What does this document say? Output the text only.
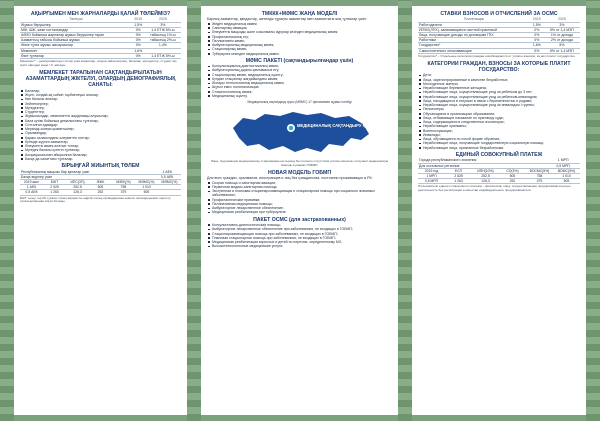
АҚЫРҒЫМЕН МЕН ЖАРНАЛАРДЫ ҚАЛАЙ ТӨЛЕЙМІЗ?

Төлеуші	2019	2025
Жұмыс берушілер	1,5%	3%
МЖ, ШЖ, жеке сотталғандар	0%	1,4 ЕТЖ 5%-ы
АӨЗО бойынша жарналар жұмыс берушілер тарап	0%	табыстың 1%-ы
Азаматтың табысы бойынша жұмыс	0%	табыстың 2%-ы
Жеке тұлға жұмыс жасаушылар	0%	1,4%
Мемлекет	1,6%	
Өзге тұлғалар	0%	1,4 ЕТЖ 5%-ы
Мемлекет* – демографиялық топтар үшін жарналар, оларға зейнеткерлер, балалар, мүгедектер, студенттер, жүкті әйелдер және т.б. жатады.

МЕМЛЕКЕТ ТАРАПЫНАН САҚТАНДЫРЫЛАТЫН АЗАМАТТАРДЫҢ ЖІКТЕЛУІ, ОЛАРДЫҢ ДЕМОГРАФИЯЛЫҚ САНАТЫ:

Балалар;
Жүкті, сондай-ақ сәбиін тәрбиелеуші аналар;
Көп балалы аналар;
Зейнеткерлер;
Мүгедектер;
Студенттер;
Жұмыссыздар, мемлекеттік жәрдемақы алушылар;
Бала күтімі бойынша демалыстағы тұлғалар;
Сотталған адамдар;
Мерзімді әскери қызметшілер;
Оралмандар;
Қаржы саласындағы әлеуметтік топтар;
Күтімде жүрген азаматтар;
Әлеуметтік көмек алатын топтар;
Мүгедек баланы күтетін тұлғалар;
Асыраушысынан айырылған балалар;
Басқа да санаттағы тұлғалар.

БІРЫҢҒАЙ ЖИЫНТЫҚ ТӨЛЕМ

Республикалық маңызы бар қалалар үшін	1 АЕК
Басқа өңірлер үшін	0,5 АЕК
2019 жыл	БЖТ	ИПС(ЗП)	ӘЖК	МЗБҚ(%)	МӘМС(%)	МӘМС(%)
1 АЕК	2 525	252,5	505	758	1 010
0,5 АЕК	1 263	126,3	252	379	505
БЖТ төлеу тәртібі туралы толық ақпаратты өңірлік салық органдарынан немесе халыққа қызмет көрсету орталықтарынан алуға болады.

ТМККК+МӘМС ЖАҢА МОДЕЛІ

Барлық азаматтар, қандастар, шетелдік тұрақты азаматтар мен азаматтығы жоқ тұлғалар үшін:
Жедел медициналық көмек;
Санитарлық авиация;
Әлеуметтік маңызды және созылмалы аурулар кезіндегі медициналық көмек;
Профилактикалық егу;
Паллиативтік көмек;
Амбулаториялық медициналық көмек;
Стационарлық көмек;
Туберкулез кезіндегі медициналық көмек.

МӘМС ПАКЕТІ (сақтандырылғандар үшін)

Консультациялық-диагностикалық көмек;
Амбулаториялық дәрілік қамтамасыз ету;
Стационарлық көмек, медициналық оңалту;
Күндізгі стационар жағдайындағы көмек;
Жоғары технологиялық медициналық көмек;
Шұғыл емес госпитализация;
Стоматологиялық көмек;
Медициналық оңалту.
Медициналық сақтандыру қоры (МӘМС) 17 филиалмен жұмыс істейді
МЕДИЦИНАЛЫҚ САҚТАНДЫРУ ҚОРЫ
Лица, подлежащие медицинскому страхованию на период без полного отсутствия уплаты взносов, получают медицинскую помощь в рамках ГОБМП.

НОВАЯ МОДЕЛЬ ГОБМП

Для всех граждан, оралманов, иностранцев и лиц без гражданства, постоянно проживающих в РК:
Скорая помощь и санитарная авиация;
Первичная медико-санитарная помощь;
Экстренная и плановая стационарозамещающая и стационарная помощь при социально значимых заболеваниях;
Профилактические прививки;
Паллиативная медицинская помощь;
Амбулаторное лекарственное обеспечение;
Медицинская реабилитация при туберкулезе.

ПАКЕТ ОСМС (для застрахованных)

Консультативно-диагностическая помощь;
Амбулаторное лекарственное обеспечение при заболеваниях, не входящих в ГОБМП;
Стационарозамещающая помощь при заболеваниях, не входящих в ГОБМП;
Плановая стационарная помощь при заболеваниях, не входящих в ГОБМП;
Медицинская реабилитация взрослых и детей по перечню, определенному МЗ;
Высокотехнологичные медицинские услуги.

СТАВКИ ВЗНОСОВ И ОТЧИСЛЕНИЙ ЗА ОСМС

Плательщик	2019	2025
Работодатели	1,5%	3%
ИП/КХ(ЛПХ), занимающиеся частной практикой	0%	5% от 1,4 МЗП
Лица, получающие доходы по договорам ГПХ	0%	1% от дохода
Работники	0%	2% от дохода
Государство*	1,6%	5%
Самостоятельно оплачивающие	0%	5% от 1,4 МЗП
Государство* – Отдельные категории граждан освобождаются от уплаты взносов, за них платит государство.

КАТЕГОРИИ ГРАЖДАН, ВЗНОСЫ ЗА КОТОРЫЕ ПЛАТИТ ГОСУДАРСТВО:

Дети;
Лица, зарегистрированные в качестве безработных;
Многодетные матери;
Неработающие беременные женщины;
Неработающие лица, осуществляющие уход за ребенком до 3 лет;
Неработающие лица, осуществляющие уход за ребенком-инвалидом;
Лица, находящиеся в отпусках в связи с беременностью и родами;
Неработающие лица, осуществляющие уход за инвалидом I группы;
Пенсионеры;
Обучающиеся в организациях образования;
Лица, отбывающие наказание по приговору суда;
Лица, содержащиеся в следственных изоляторах;
Неработающие оралманы;
Военнослужащие;
Инвалиды;
Лица, обучающиеся по очной форме обучения;
Неработающие лица, получающие государственную социальную помощь;
Неработающие лица, признанные безработными.

ЕДИНЫЙ СОВОКУПНЫЙ ПЛАТЕЖ

Города республиканского значения	1 МРП
Для остальных регионов	0,5 МРП
2019 год	ЕСП	ИПН(10%)	СО(3%)	ВОСМС(5%)	ВОМС(5%)
1 МРП	2 525	252,5	505	758	1 010
0,5 МРП	1 263	126,3	252	379	505
Пользователи единого совокупного платежа – физические лица, осуществляющие предпринимательскую деятельность без регистрации в качестве индивидуального предпринимателя.
